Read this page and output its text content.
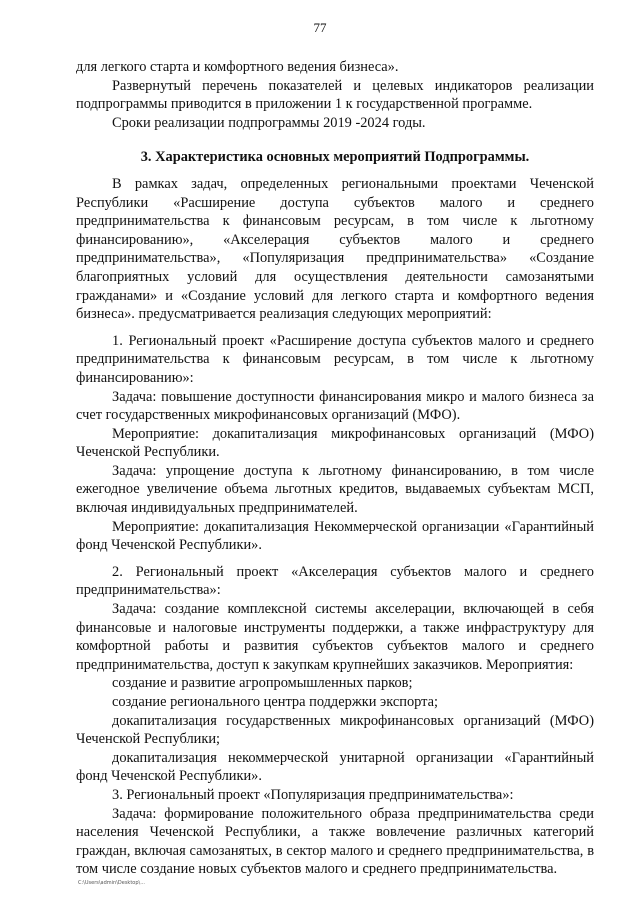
77

для легкого старта и комфортного ведения бизнеса».

Развернутый перечень показателей и целевых индикаторов реализации подпрограммы приводится в приложении 1 к государственной программе.

Сроки реализации подпрограммы 2019 -2024 годы.

3. Характеристика основных мероприятий Подпрограммы.

В рамках задач, определенных региональными проектами Чеченской Республики «Расширение доступа субъектов малого и среднего предпринимательства к финансовым ресурсам, в том числе к льготному финансированию», «Акселерация субъектов малого и среднего предпринимательства», «Популяризация предпринимательства» «Создание благоприятных условий для осуществления деятельности самозанятыми гражданами» и «Создание условий для легкого старта и комфортного ведения бизнеса». предусматривается реализация следующих мероприятий:

1. Региональный проект «Расширение доступа субъектов малого и среднего предпринимательства к финансовым ресурсам, в том числе к льготному финансированию»:

Задача: повышение доступности финансирования микро и малого бизнеса за счет государственных микрофинансовых организаций (МФО).

Мероприятие: докапитализация микрофинансовых организаций (МФО) Чеченской Республики.

Задача: упрощение доступа к льготному финансированию, в том числе ежегодное увеличение объема льготных кредитов, выдаваемых субъектам МСП, включая индивидуальных предпринимателей.

Мероприятие: докапитализация Некоммерческой организации «Гарантийный фонд Чеченской Республики».

2. Региональный проект «Акселерация субъектов малого и среднего предпринимательства»:

Задача: создание комплексной системы акселерации, включающей в себя финансовые и налоговые инструменты поддержки, а также инфраструктуру для комфортной работы и развития субъектов субъектов малого и среднего предпринимательства, доступ к закупкам крупнейших заказчиков. Мероприятия:

создание и развитие агропромышленных парков;

создание регионального центра поддержки экспорта;

докапитализация государственных микрофинансовых организаций (МФО) Чеченской Республики;

докапитализация некоммерческой унитарной организации «Гарантийный фонд Чеченской Республики».

3. Региональный проект «Популяризация предпринимательства»:

Задача: формирование положительного образа предпринимательства среди населения Чеченской Республики, а также вовлечение различных категорий граждан, включая самозанятых, в сектор малого и среднего предпринимательства, в том числе создание новых субъектов малого и среднего предпринимательства.

С:\Users\admin\Desktop\...
